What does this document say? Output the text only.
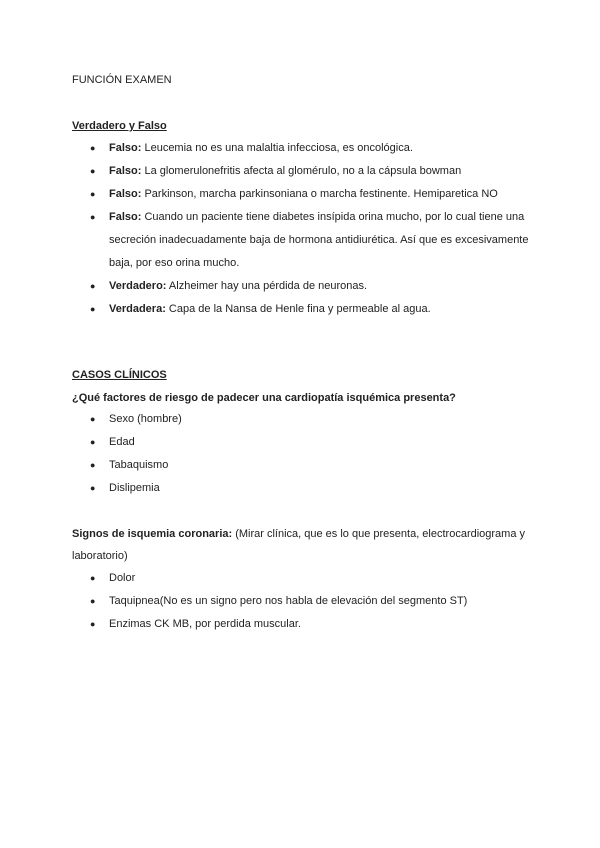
FUNCIÓN EXAMEN

Verdadero y Falso

● Falso: Leucemia no es una malaltia infecciosa, es oncológica.
● Falso: La glomerulonefritis afecta al glomérulo, no a la cápsula bowman
● Falso: Parkinson, marcha parkinsoniana o marcha festinente. Hemiparetica NO
● Falso: Cuando un paciente tiene diabetes insípida orina mucho, por lo cual tiene una secreción inadecuadamente baja de hormona antidiurética. Así que es excesivamente baja, por eso orina mucho.
● Verdadero: Alzheimer hay una pérdida de neuronas.
● Verdadera: Capa de la Nansa de Henle fina y permeable al agua.

CASOS CLÍNICOS

¿Qué factores de riesgo de padecer una cardiopatía isquémica presenta?

● Sexo (hombre)
● Edad
● Tabaquismo
● Dislipemia

Signos de isquemia coronaria: (Mirar clínica, que es lo que presenta, electrocardiograma y laboratorio)

● Dolor
● Taquipnea(No es un signo pero nos habla de elevación del segmento ST)
● Enzimas CK MB, por perdida muscular.
